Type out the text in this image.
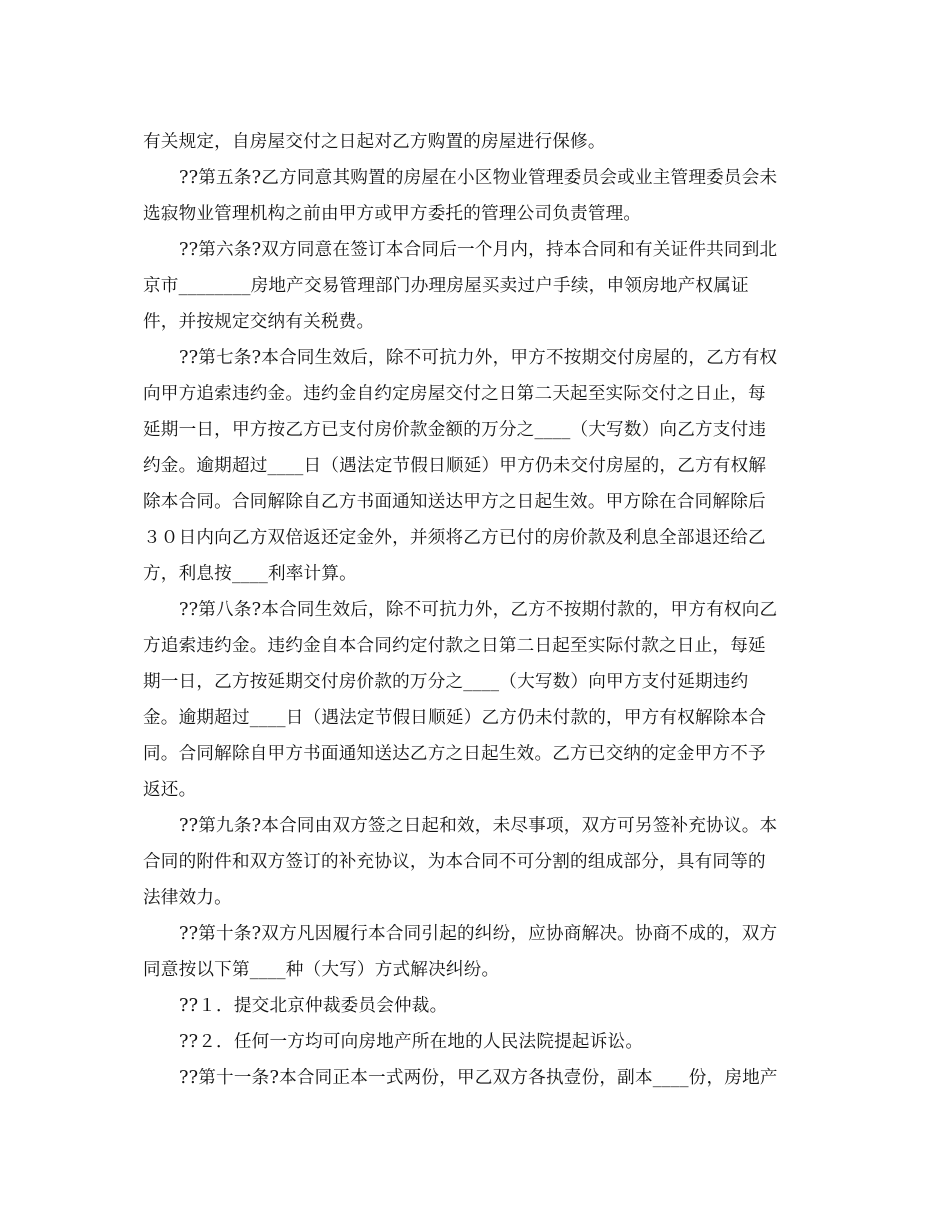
有关规定，自房屋交付之日起对乙方购置的房屋进行保修。
??第五条?乙方同意其购置的房屋在小区物业管理委员会或业主管理委员会未
选寂物业管理机构之前由甲方或甲方委托的管理公司负责管理。
??第六条?双方同意在签订本合同后一个月内，持本合同和有关证件共同到北
京市________房地产交易管理部门办理房屋买卖过户手续，申领房地产权属证
件，并按规定交纳有关税费。
??第七条?本合同生效后，除不可抗力外，甲方不按期交付房屋的，乙方有权
向甲方追索违约金。违约金自约定房屋交付之日第二天起至实际交付之日止，每
延期一日，甲方按乙方已支付房价款金额的万分之____（大写数）向乙方支付违
约金。逾期超过____日（遇法定节假日顺延）甲方仍未交付房屋的，乙方有权解
除本合同。合同解除自乙方书面通知送达甲方之日起生效。甲方除在合同解除后
３０日内向乙方双倍返还定金外，并须将乙方已付的房价款及利息全部退还给乙
方，利息按____利率计算。
??第八条?本合同生效后，除不可抗力外，乙方不按期付款的，甲方有权向乙
方追索违约金。违约金自本合同约定付款之日第二日起至实际付款之日止，每延
期一日，乙方按延期交付房价款的万分之____（大写数）向甲方支付延期违约
金。逾期超过____日（遇法定节假日顺延）乙方仍未付款的，甲方有权解除本合
同。合同解除自甲方书面通知送达乙方之日起生效。乙方已交纳的定金甲方不予
返还。
??第九条?本合同由双方签之日起和效，未尽事项，双方可另签补充协议。本
合同的附件和双方签订的补充协议，为本合同不可分割的组成部分，具有同等的
法律效力。
??第十条?双方凡因履行本合同引起的纠纷，应协商解决。协商不成的，双方
同意按以下第____种（大写）方式解决纠纷。
??１．提交北京仲裁委员会仲裁。
??２．任何一方均可向房地产所在地的人民法院提起诉讼。
??第十一条?本合同正本一式两份，甲乙双方各执壹份，副本____份，房地产
